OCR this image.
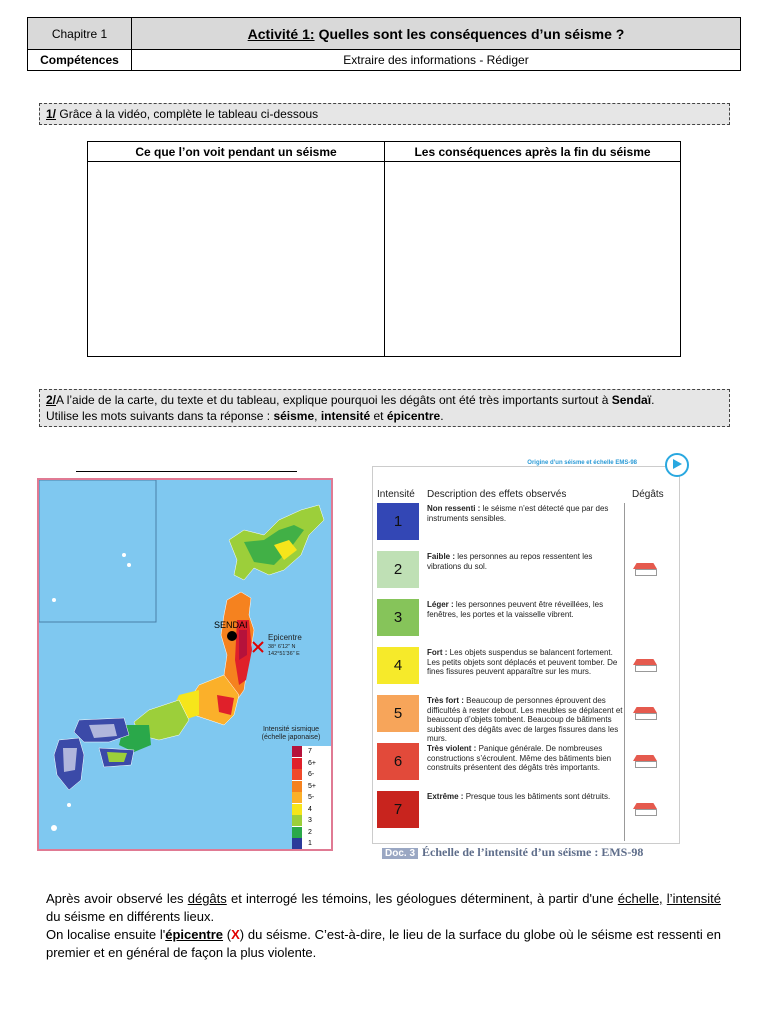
Chapitre 1	Activité 1: Quelles sont les conséquences d’un séisme ?
Compétences	Extraire des informations - Rédiger
1/ Grâce à la vidéo, complète le tableau ci-dessous
Ce que l’on voit pendant un séisme	Les conséquences après la fin du séisme
2/A l’aide de la carte, du texte et du tableau, explique pourquoi les dégâts ont été très importants surtout à Sendaï.
Utilise les mots suivants dans ta réponse : séisme, intensité et épicentre.
SENDAI
Epicentre
38° 6'12" N
142°51'36" E
Intensité sismique
(échelle japonaise)
7
6+
6-
5+
5-
4
3
2
1
Origine d’un séisme et échelle EMS-98
Intensité Description des effets observés	Dégâts
1
Non ressenti : le séisme n’est détecté que par des instruments sensibles.
2
Faible : les personnes au repos ressentent les vibrations du sol.
3
Léger : les personnes peuvent être réveillées, les fenêtres, les portes et la vaisselle vibrent.
4
Fort : Les objets suspendus se balancent fortement. Les petits objets sont déplacés et peuvent tomber. De fines fissures peuvent apparaître sur les murs.
5
Très fort : Beaucoup de personnes éprouvent des difficultés à rester debout. Les meubles se déplacent et beaucoup d’objets tombent. Beaucoup de bâtiments subissent des dégâts avec de larges fissures dans les murs.
6
Très violent : Panique générale. De nombreuses constructions s’écroulent. Même des bâtiments bien construits présentent des dégâts très importants.
7
Extrême : Presque tous les bâtiments sont détruits.
Doc. 3 Échelle de l’intensité d’un séisme : EMS-98
Après avoir observé les dégâts et interrogé les témoins, les géologues déterminent, à partir d'une échelle, l’intensité du séisme en différents lieux.
On localise ensuite l'épicentre (X) du séisme. C’est-à-dire, le lieu de la surface du globe où le séisme est ressenti en premier et en général de façon la plus violente.
